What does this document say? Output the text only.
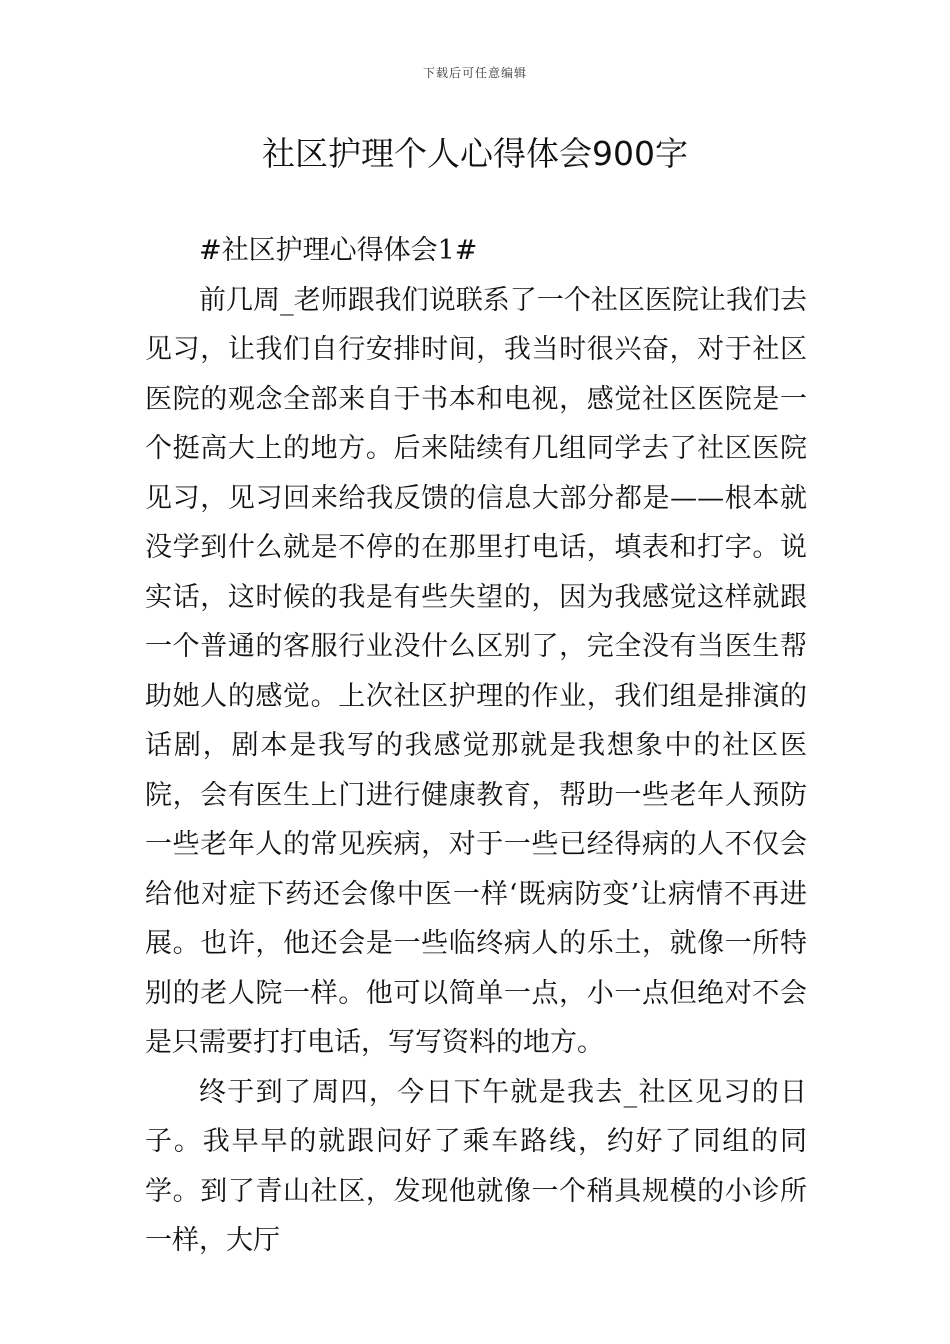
下载后可任意编辑
社区护理个人心得体会900字

#社区护理心得体会1#

前几周_老师跟我们说联系了一个社区医院让我们去见习，让我们自行安排时间，我当时很兴奋，对于社区医院的观念全部来自于书本和电视，感觉社区医院是一个挺高大上的地方。后来陆续有几组同学去了社区医院见习，见习回来给我反馈的信息大部分都是——根本就没学到什么就是不停的在那里打电话，填表和打字。说实话，这时候的我是有些失望的，因为我感觉这样就跟一个普通的客服行业没什么区别了，完全没有当医生帮助她人的感觉。上次社区护理的作业，我们组是排演的话剧，剧本是我写的我感觉那就是我想象中的社区医院，会有医生上门进行健康教育，帮助一些老年人预防一些老年人的常见疾病，对于一些已经得病的人不仅会给他对症下药还会像中医一样‘既病防变’让病情不再进展。也许，他还会是一些临终病人的乐土，就像一所特别的老人院一样。他可以简单一点，小一点但绝对不会是只需要打打电话，写写资料的地方。

终于到了周四，今日下午就是我去_社区见习的日子。我早早的就跟问好了乘车路线，约好了同组的同学。到了青山社区，发现他就像一个稍具规模的小诊所一样，大厅
